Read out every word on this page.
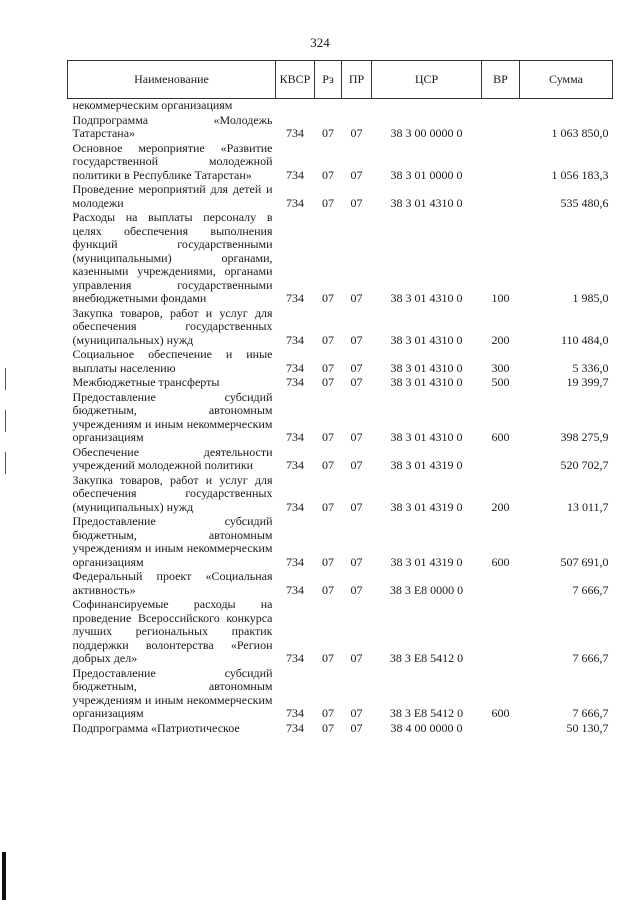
324
Наименование	КВСР	Рз	ПР	ЦСР	ВР	Сумма
некоммерческим организациям						
Подпрограмма «Молодежь Татарстана»	734	07	07	38 3 00 0000 0		1 063 850,0
Основное мероприятие «Развитие государственной молодежной политики в Республике Татарстан»	734	07	07	38 3 01 0000 0		1 056 183,3
Проведение мероприятий для детей и молодежи	734	07	07	38 3 01 4310 0		535 480,6
Расходы на выплаты персоналу в целях обеспечения выполнения функций государственными (муниципальными) органами, казенными учреждениями, органами управления государственными внебюджетными фондами	734	07	07	38 3 01 4310 0	100	1 985,0
Закупка товаров, работ и услуг для обеспечения государственных (муниципальных) нужд	734	07	07	38 3 01 4310 0	200	110 484,0
Социальное обеспечение и иные выплаты населению	734	07	07	38 3 01 4310 0	300	5 336,0
Межбюджетные трансферты	734	07	07	38 3 01 4310 0	500	19 399,7
Предоставление субсидий бюджетным, автономным учреждениям и иным некоммерческим организациям	734	07	07	38 3 01 4310 0	600	398 275,9
Обеспечение деятельности учреждений молодежной политики	734	07	07	38 3 01 4319 0		520 702,7
Закупка товаров, работ и услуг для обеспечения государственных (муниципальных) нужд	734	07	07	38 3 01 4319 0	200	13 011,7
Предоставление субсидий бюджетным, автономным учреждениям и иным некоммерческим организациям	734	07	07	38 3 01 4319 0	600	507 691,0
Федеральный проект «Социальная активность»	734	07	07	38 3 Е8 0000 0		7 666,7
Софинансируемые расходы на проведение Всероссийского конкурса лучших региональных практик поддержки волонтерства «Регион добрых дел»	734	07	07	38 3 Е8 5412 0		7 666,7
Предоставление субсидий бюджетным, автономным учреждениям и иным некоммерческим организациям	734	07	07	38 3 Е8 5412 0	600	7 666,7
Подпрограмма «Патриотическое	734	07	07	38 4 00 0000 0		50 130,7
